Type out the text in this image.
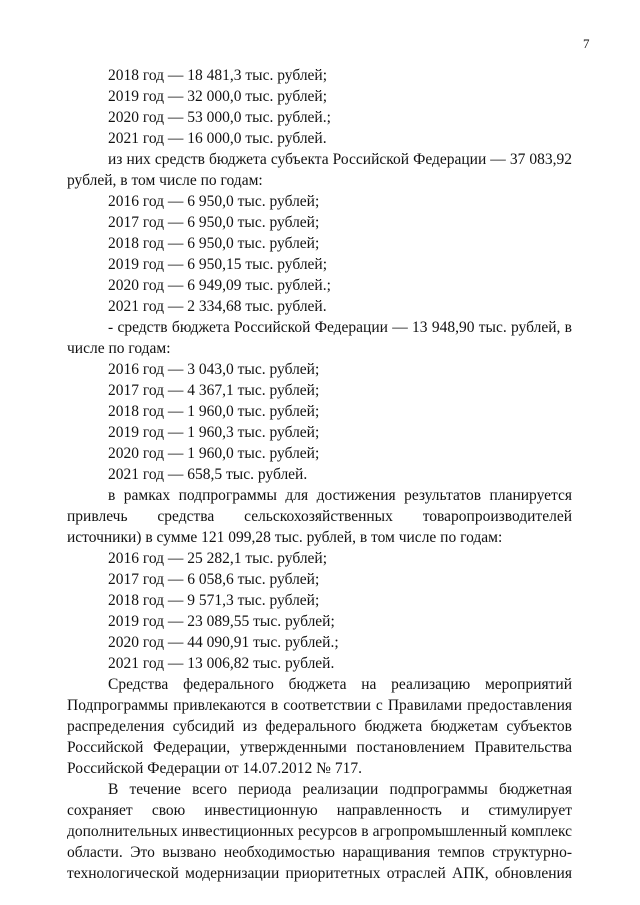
7
2018 год — 18 481,3 тыс. рублей;
2019 год — 32 000,0 тыс. рублей;
2020 год — 53 000,0 тыс. рублей.;
2021 год — 16 000,0 тыс. рублей.
из них средств бюджета субъекта Российской Федерации — 37 083,92
рублей, в том числе по годам:
2016 год — 6 950,0 тыс. рублей;
2017 год — 6 950,0 тыс. рублей;
2018 год — 6 950,0 тыс. рублей;
2019 год — 6 950,15 тыс. рублей;
2020 год — 6 949,09 тыс. рублей.;
2021 год — 2 334,68 тыс. рублей.
- средств бюджета Российской Федерации — 13 948,90 тыс. рублей, в
числе по годам:
2016 год — 3 043,0 тыс. рублей;
2017 год — 4 367,1 тыс. рублей;
2018 год — 1 960,0 тыс. рублей;
2019 год — 1 960,3 тыс. рублей;
2020 год — 1 960,0 тыс. рублей;
2021 год — 658,5 тыс. рублей.
в рамках подпрограммы для достижения результатов планируется
привлечь средства сельскохозяйственных товаропроизводителей
источники) в сумме 121 099,28 тыс. рублей, в том числе по годам:
2016 год — 25 282,1 тыс. рублей;
2017 год — 6 058,6 тыс. рублей;
2018 год — 9 571,3 тыс. рублей;
2019 год — 23 089,55 тыс. рублей;
2020 год — 44 090,91 тыс. рублей.;
2021 год — 13 006,82 тыс. рублей.
Средства федерального бюджета на реализацию мероприятий
Подпрограммы привлекаются в соответствии с Правилами предоставления
распределения субсидий из федерального бюджета бюджетам субъектов
Российской Федерации, утвержденными постановлением Правительства
Российской Федерации от 14.07.2012 № 717.
В течение всего периода реализации подпрограммы бюджетная
сохраняет свою инвестиционную направленность и стимулирует
дополнительных инвестиционных ресурсов в агропромышленный комплекс
области. Это вызвано необходимостью наращивания темпов структурно-
технологической модернизации приоритетных отраслей АПК, обновления
